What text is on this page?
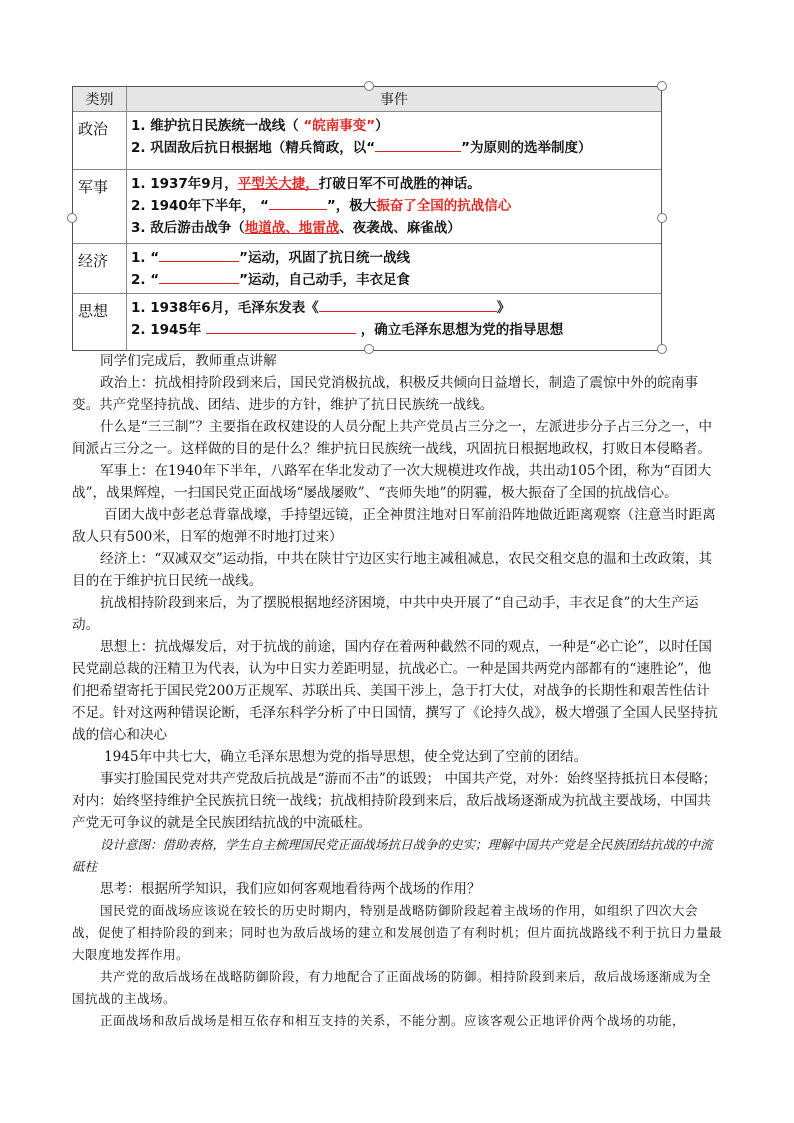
类别	事件
政治	1. 维护抗日民族统一战线（ “皖南事变”）
2. 巩固敌后抗日根据地（精兵简政，以“	”为原则的选举制度）
军事	1. 1937年9月，平型关大捷，打破日军不可战胜的神话。
2. 1940年下半年， “	”，极大振奋了全国的抗战信心
3. 敌后游击战争（地道战、地雷战、夜袭战、麻雀战）
经济	1. “	”运动，巩固了抗日统一战线
2. “	”运动，自己动手，丰衣足食
思想	1. 1938年6月，毛泽东发表《	》
2. 1945年	，确立毛泽东思想为党的指导思想

同学们完成后，教师重点讲解

政治上：抗战相持阶段到来后，国民党消极抗战，积极反共倾向日益增长，制造了震惊中外的皖南事变。共产党坚持抗战、团结、进步的方针，维护了抗日民族统一战线。

什么是“三三制”？主要指在政权建设的人员分配上共产党员占三分之一，左派进步分子占三分之一，中间派占三分之一。这样做的目的是什么？维护抗日民族统一战线，巩固抗日根据地政权，打败日本侵略者。

军事上：在1940年下半年，八路军在华北发动了一次大规模进攻作战，共出动105个团，称为“百团大战”，战果辉煌，一扫国民党正面战场“屡战屡败”、“丧师失地”的阴霾，极大振奋了全国的抗战信心。

百团大战中彭老总背靠战壕，手持望远镜，正全神贯注地对日军前沿阵地做近距离观察（注意当时距离敌人只有500米，日军的炮弹不时地打过来）

经济上：“双减双交”运动指，中共在陕甘宁边区实行地主减租减息，农民交租交息的温和土改政策，其目的在于维护抗日民统一战线。

抗战相持阶段到来后，为了摆脱根据地经济困境，中共中央开展了“自己动手，丰衣足食”的大生产运动。

思想上：抗战爆发后，对于抗战的前途，国内存在着两种截然不同的观点，一种是“必亡论”，以时任国民党副总裁的汪精卫为代表，认为中日实力差距明显，抗战必亡。一种是国共两党内部都有的“速胜论”，他们把希望寄托于国民党200万正规军、苏联出兵、美国干涉上，急于打大仗，对战争的长期性和艰苦性估计不足。针对这两种错误论断，毛泽东科学分析了中日国情，撰写了《论持久战》，极大增强了全国人民坚持抗战的信心和决心

1945年中共七大，确立毛泽东思想为党的指导思想，使全党达到了空前的团结。

事实打脸国民党对共产党敌后抗战是“游而不击”的诋毁； 中国共产党，对外：始终坚持抵抗日本侵略； 对内：始终坚持维护全民族抗日统一战线；抗战相持阶段到来后，敌后战场逐渐成为抗战主要战场，中国共产党无可争议的就是全民族团结抗战的中流砥柱。

设计意图：借助表格，学生自主梳理国民党正面战场抗日战争的史实；理解中国共产党是全民族团结抗战的中流砥柱

思考：根据所学知识，我们应如何客观地看待两个战场的作用？

国民党的面战场应该说在较长的历史时期内，特别是战略防御阶段起着主战场的作用，如组织了四次大会战，促使了相持阶段的到来；同时也为敌后战场的建立和发展创造了有利时机；但片面抗战路线不利于抗日力量最大限度地发挥作用。

共产党的敌后战场在战略防御阶段，有力地配合了正面战场的防御。相持阶段到来后，敌后战场逐渐成为全国抗战的主战场。

正面战场和敌后战场是相互依存和相互支持的关系，不能分割。应该客观公正地评价两个战场的功能，
